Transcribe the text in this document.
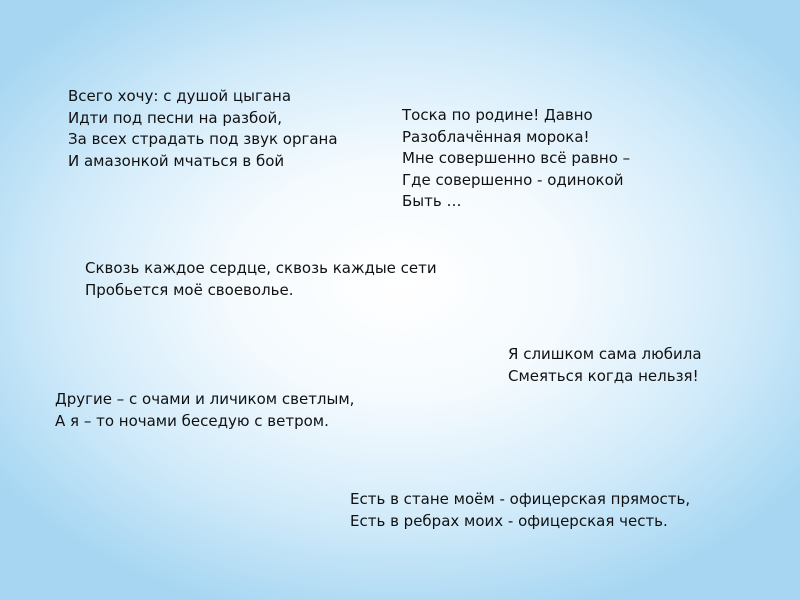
Всего хочу: с душой цыгана
Идти под песни на разбой,
За всех страдать под звук органа
И амазонкой мчаться в бой
Тоска по родине! Давно
Разоблачённая морока!
Мне совершенно всё равно –
Где совершенно - одинокой
Быть …
Сквозь каждое сердце, сквозь каждые сети
Пробьется моё своеволье.
Я слишком сама любила
Смеяться когда нельзя!
Другие – с очами и личиком светлым,
А я – то ночами беседую с ветром.
Есть в стане моём - офицерская прямость,
Есть в ребрах моих - офицерская честь.
